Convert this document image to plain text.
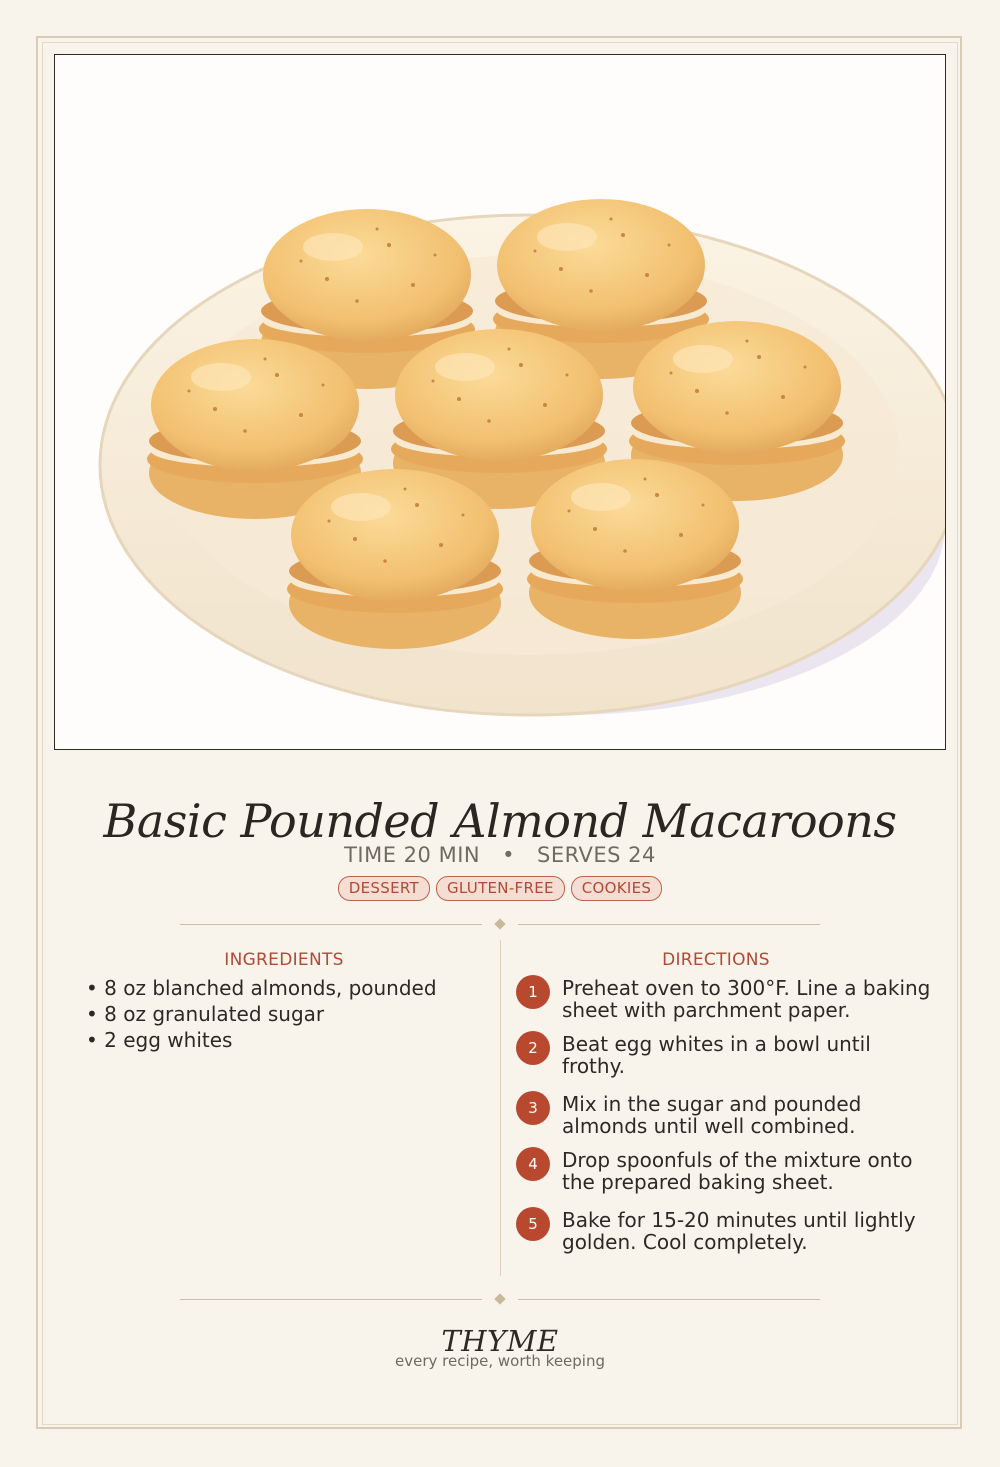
Basic Pounded Almond Macaroons
TIME 20 MIN • SERVES 24
DESSERT GLUTEN-FREE COOKIES
INGREDIENTS	DIRECTIONS
• 8 oz blanched almonds, pounded
• 8 oz granulated sugar
• 2 egg whites
1	Preheat oven to 300°F. Line a baking sheet with parchment paper.
2	Beat egg whites in a bowl until frothy.
3	Mix in the sugar and pounded almonds until well combined.
4	Drop spoonfuls of the mixture onto the prepared baking sheet.
5	Bake for 15-20 minutes until lightly golden. Cool completely.
THYME
every recipe, worth keeping
